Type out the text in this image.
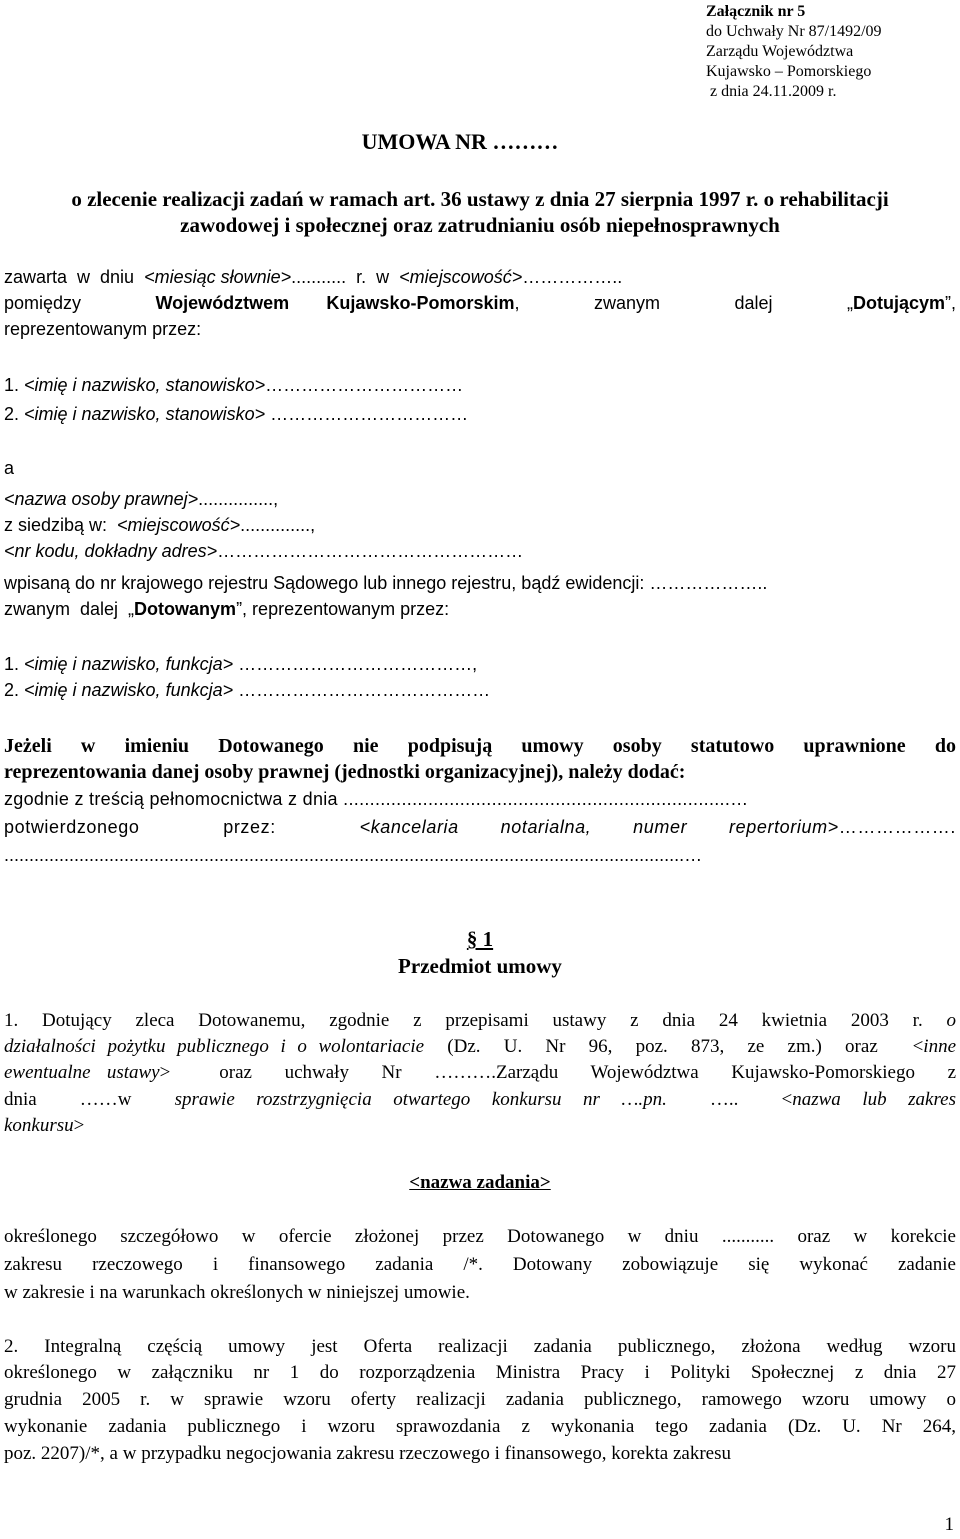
Załącznik nr 5
do Uchwały Nr 87/1492/09
Zarządu Województwa
Kujawsko – Pomorskiego
z dnia 24.11.2009 r.
UMOWA NR ………
o zlecenie realizacji zadań w ramach art. 36 ustawy z dnia 27 sierpnia 1997 r. o rehabilitacji
zawodowej i społecznej oraz zatrudnianiu osób niepełnosprawnych
zawarta  w  dniu  <miesiąc słownie>...........  r.  w  <miejscowość>……………..
pomiędzy  Województwem Kujawsko-Pomorskim,  zwanym  dalej  „Dotującym”,
reprezentowanym przez:
1. <imię i nazwisko, stanowisko>……………………………
2. <imię i nazwisko, stanowisko> ……………………………
a
<nazwa osoby prawnej>...............,
z siedzibą w:  <miejscowość>..............,
<nr kodu, dokładny adres>……………………………………………
wpisaną do nr krajowego rejestru Sądowego lub innego rejestru, bądź ewidencji: ………………..
zwanym  dalej  „Dotowanym”, reprezentowanym przez:
1. <imię i nazwisko, funkcja> …………………………………,
2. <imię i nazwisko, funkcja> ……………………………………
Jeżeli w imieniu Dotowanego nie podpisują umowy osoby statutowo uprawnione do
reprezentowania danej osoby prawnej (jednostki organizacyjnej), należy dodać:
zgodnie z treścią pełnomocnictwa z dnia .........................................................................…
potwierdzonego  przez:  <kancelaria notarialna, numer repertorium>……………….
........................................................................................................................................…
§ 1
Przedmiot umowy
1.  Dotujący  zleca  Dotowanemu,  zgodnie  z  przepisami  ustawy  z  dnia  24  kwietnia  2003  r.  o
działalności pożytku publicznego i o wolontariacie  (Dz.  U.  Nr  96,  poz.  873,  ze  zm.)  oraz   <inne
ewentualne ustawy>   oraz  uchwały  Nr  ……….Zarządu  Województwa  Kujawsko-Pomorskiego  z
dnia  ……w  sprawie rozstrzygnięcia otwartego konkursu nr ….pn.  …..  <nazwa lub zakres
konkursu>
<nazwa zadania>
określonego szczegółowo w ofercie złożonej przez Dotowanego w dniu ........... oraz w korekcie
zakresu rzeczowego i finansowego zadania /*. Dotowany zobowiązuje się wykonać zadanie
w zakresie i na warunkach określonych w niniejszej umowie.
2. Integralną częścią umowy jest Oferta realizacji zadania publicznego, złożona według wzoru
określonego w załączniku nr 1 do rozporządzenia Ministra Pracy i Polityki Społecznej z dnia 27
grudnia 2005 r. w sprawie wzoru oferty realizacji zadania publicznego, ramowego wzoru umowy o
wykonanie zadania publicznego i wzoru sprawozdania z wykonania tego zadania (Dz. U. Nr 264,
poz. 2207)/*, a w przypadku negocjowania zakresu rzeczowego i finansowego, korekta zakresu
1
